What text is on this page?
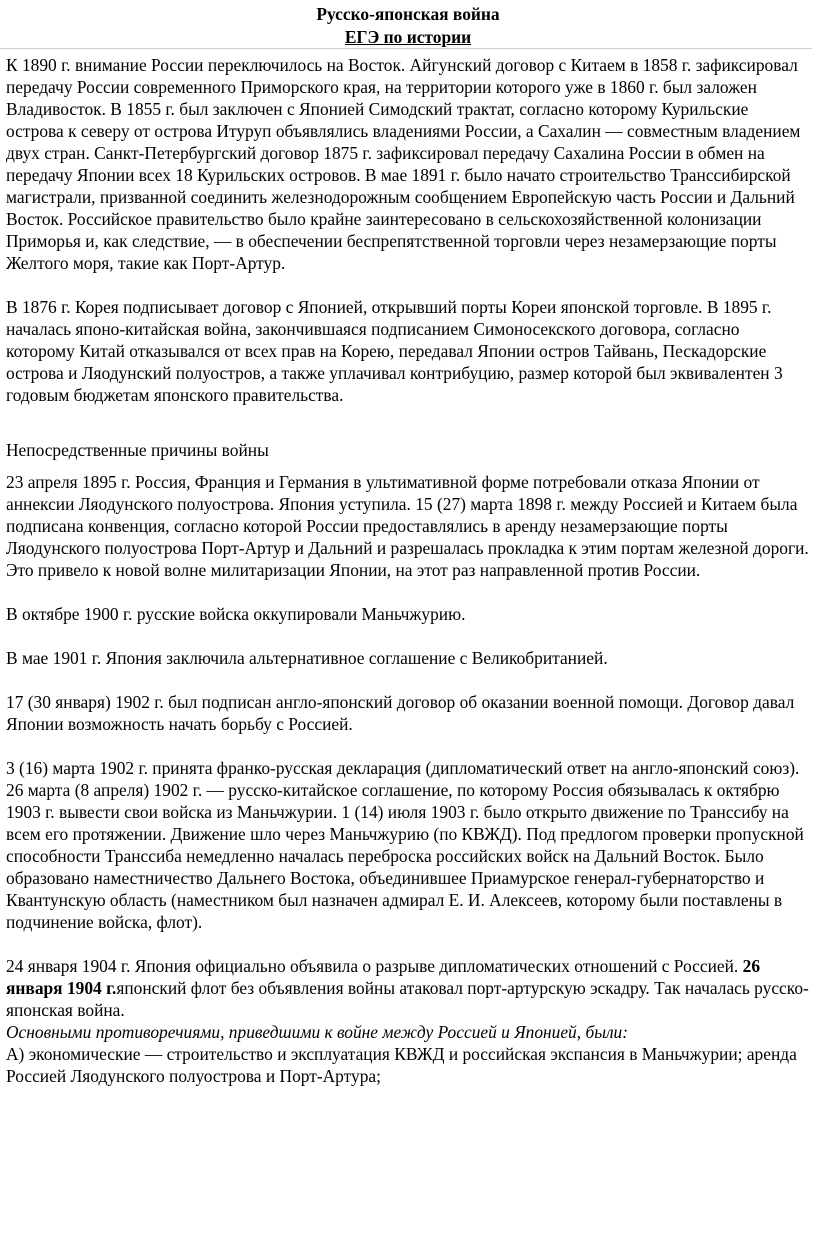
Русско-японская война
ЕГЭ по истории

К 1890 г. внимание России переключилось на Восток. Айгунский договор с Китаем в 1858 г. зафиксировал передачу России современного Приморского края, на территории которого уже в 1860 г. был заложен Владивосток. В 1855 г. был заключен с Японией Симодский трактат, согласно которому Курильские острова к северу от острова Итуруп объявлялись владениями России, а Сахалин — совместным владением двух стран. Санкт-Петербургский договор 1875 г. зафиксировал передачу Сахалина России в обмен на передачу Японии всех 18 Курильских островов. В мае 1891 г. было начато строительство Транссибирской магистрали, призванной соединить железнодорожным сообщением Европейскую часть России и Дальний Восток. Российское правительство было крайне заинтересовано в сельскохозяйственной колонизации Приморья и, как следствие, — в обеспечении беспрепятственной торговли через незамерзающие порты Желтого моря, такие как Порт-Артур.

В 1876 г. Корея подписывает договор с Японией, открывший порты Кореи японской торговле. В 1895 г. началась японо-китайская война, закончившаяся подписанием Симоносекского договора, согласно которому Китай отказывался от всех прав на Корею, передавал Японии остров Тайвань, Пескадорские острова и Ляодунский полуостров, а также уплачивал контрибуцию, размер которой был эквивалентен 3 годовым бюджетам японского правительства.

Непосредственные причины войны

23 апреля 1895 г. Россия, Франция и Германия в ультимативной форме потребовали отказа Японии от аннексии Ляодунского полуострова. Япония уступила. 15 (27) марта 1898 г. между Россией и Китаем была подписана конвенция, согласно которой России предоставлялись в аренду незамерзающие порты Ляодунского полуострова Порт-Артур и Дальний и разрешалась прокладка к этим портам железной дороги. Это привело к новой волне милитаризации Японии, на этот раз направленной против России.

В октябре 1900 г. русские войска оккупировали Маньчжурию.

В мае 1901 г. Япония заключила альтернативное соглашение с Великобританией.

17 (30 января) 1902 г. был подписан англо-японский договор об оказании военной помощи. Договор давал Японии возможность начать борьбу с Россией.

3 (16) марта 1902 г. принята франко-русская декларация (дипломатический ответ на англо-японский союз). 26 марта (8 апреля) 1902 г. — русско-китайское соглашение, по которому Россия обязывалась к октябрю 1903 г. вывести свои войска из Маньчжурии. 1 (14) июля 1903 г. было открыто движение по Транссибу на всем его протяжении. Движение шло через Маньчжурию (по КВЖД). Под предлогом проверки пропускной способности Транссиба немедленно началась переброска российских войск на Дальний Восток. Было образовано наместничество Дальнего Востока, объединившее Приамурское генерал-губернаторство и Квантунскую область (наместником был назначен адмирал Е. И. Алексеев, которому были поставлены в подчинение войска, флот).

24 января 1904 г. Япония официально объявила о разрыве дипломатических отношений с Россией. 26 января 1904 г.японский флот без объявления войны атаковал порт-артурскую эскадру. Так началась русско-японская война.

Основными противоречиями, приведшими к войне между Россией и Японией, были:

А) экономические — строительство и эксплуатация КВЖД и российская экспансия в Маньчжурии; аренда Россией Ляодунского полуострова и Порт-Артура;
